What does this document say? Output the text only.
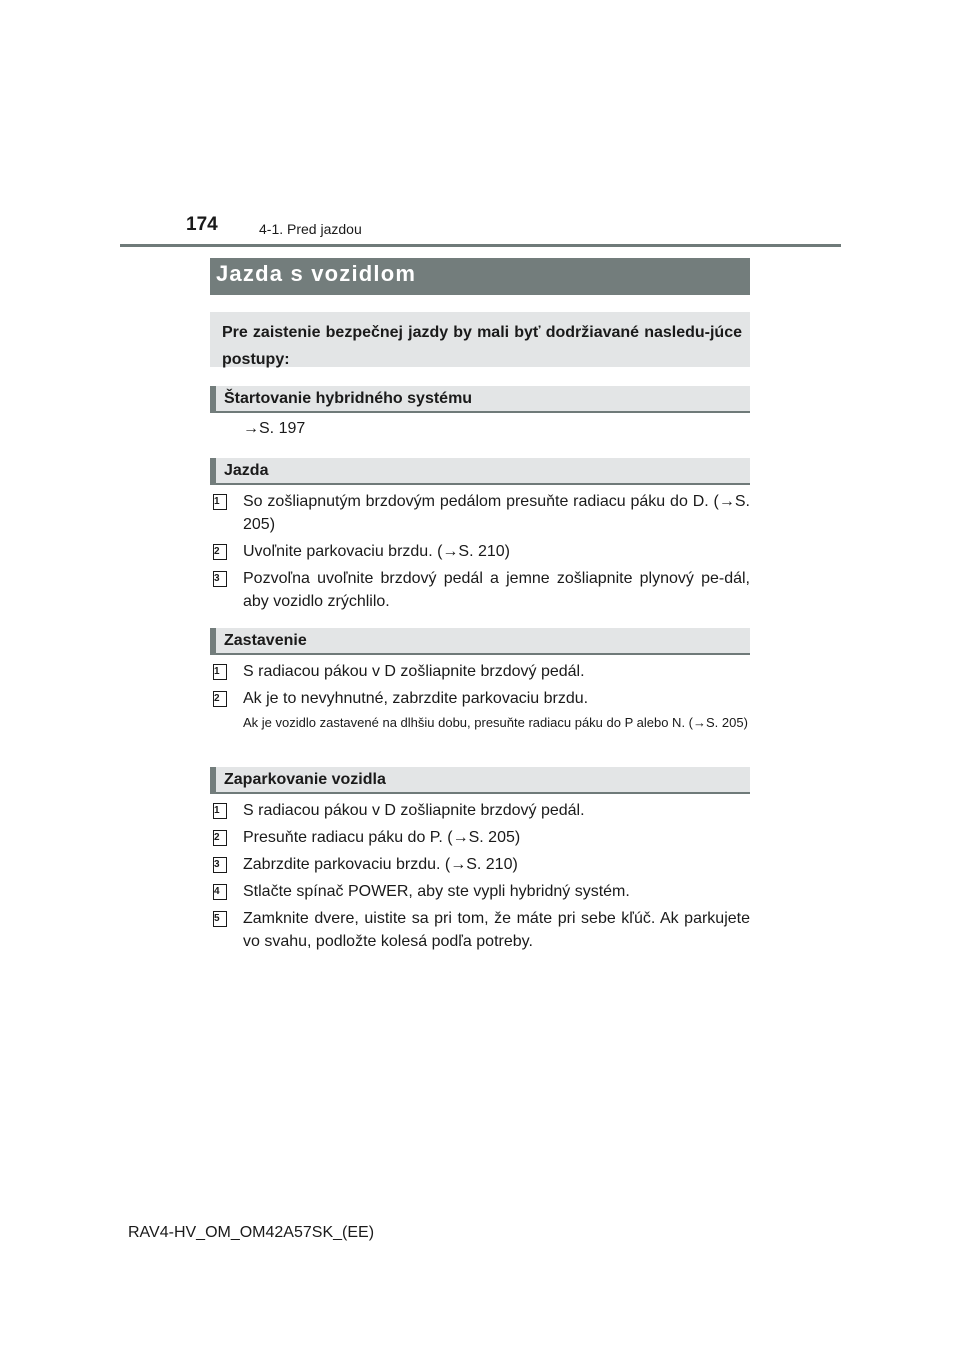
174	4-1. Pred jazdou
Jazda s vozidlom
Pre zaistenie bezpečnej jazdy by mali byť dodržiavané nasledu-júce postupy:
Štartovanie hybridného systému
→S. 197
Jazda
1	So zošliapnutým brzdovým pedálom presuňte radiacu páku do D. (→S. 205)
2	Uvoľnite parkovaciu brzdu. (→S. 210)
3	Pozvoľna uvoľnite brzdový pedál a jemne zošliapnite plynový pe-dál, aby vozidlo zrýchlilo.
Zastavenie
1	S radiacou pákou v D zošliapnite brzdový pedál.
2	Ak je to nevyhnutné, zabrzdite parkovaciu brzdu.
Ak je vozidlo zastavené na dlhšiu dobu, presuňte radiacu páku do P alebo N. (→S. 205)
Zaparkovanie vozidla
1	S radiacou pákou v D zošliapnite brzdový pedál.
2	Presuňte radiacu páku do P. (→S. 205)
3	Zabrzdite parkovaciu brzdu. (→S. 210)
4	Stlačte spínač POWER, aby ste vypli hybridný systém.
5	Zamknite dvere, uistite sa pri tom, že máte pri sebe kľúč. Ak parkujete vo svahu, podložte kolesá podľa potreby.
RAV4-HV_OM_OM42A57SK_(EE)
